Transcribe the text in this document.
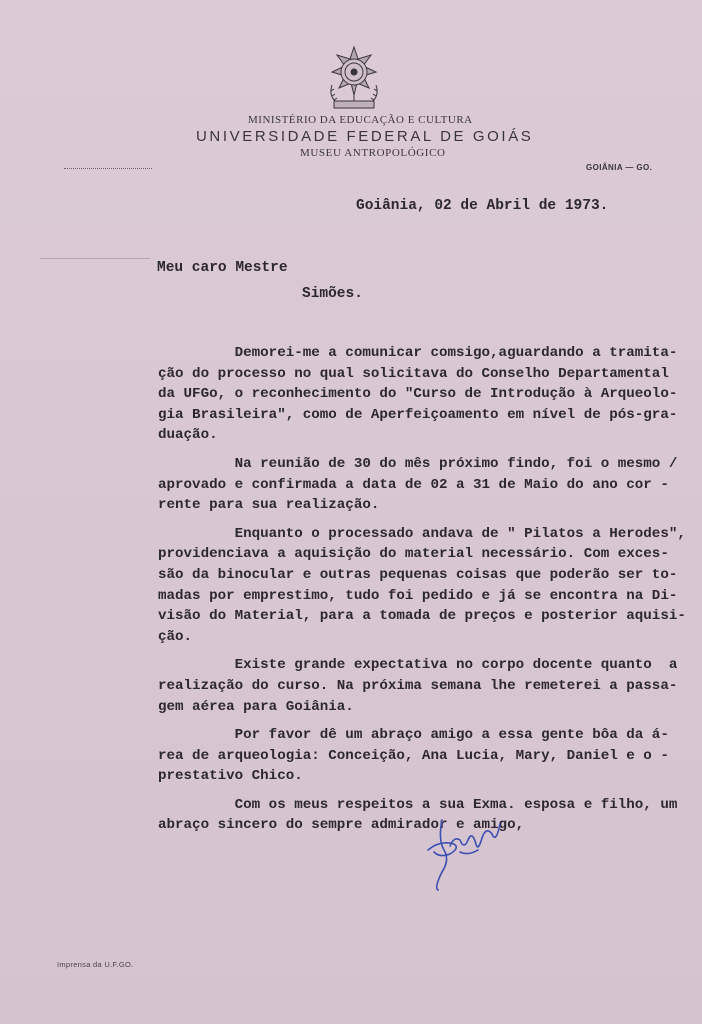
MINISTÉRIO DA EDUCAÇÃO E CULTURA
UNIVERSIDADE FEDERAL DE GOIÁS
MUSEU ANTROPOLÓGICO
GOIÂNIA — GO.
Goiânia, 02 de Abril de 1973.
Meu caro Mestre
Simões.
Demorei-me a comunicar comsigo,aguardando a tramita-
ção do processo no qual solicitava do Conselho Departamental
da UFGo, o reconhecimento do "Curso de Introdução à Arqueolo-
gia Brasileira", como de Aperfeiçoamento em nível de pós-gra-
duação.
Na reunião de 30 do mês próximo findo, foi o mesmo /
aprovado e confirmada a data de 02 a 31 de Maio do ano cor -
rente para sua realização.
Enquanto o processado andava de " Pilatos a Herodes",
providenciava a aquisição do material necessário. Com exces-
são da binocular e outras pequenas coisas que poderão ser to-
madas por emprestimo, tudo foi pedido e já se encontra na Di-
visão do Material, para a tomada de preços e posterior aquisi-
ção.
Existe grande expectativa no corpo docente quanto  a
realização do curso. Na próxima semana lhe remeterei a passa-
gem aérea para Goiânia.
Por favor dê um abraço amigo a essa gente bôa da á-
rea de arqueologia: Conceição, Ana Lucia, Mary, Daniel e o -
prestativo Chico.
Com os meus respeitos a sua Exma. esposa e filho, um
abraço sincero do sempre admirador e amigo,
Imprensa da U.F.GO.
